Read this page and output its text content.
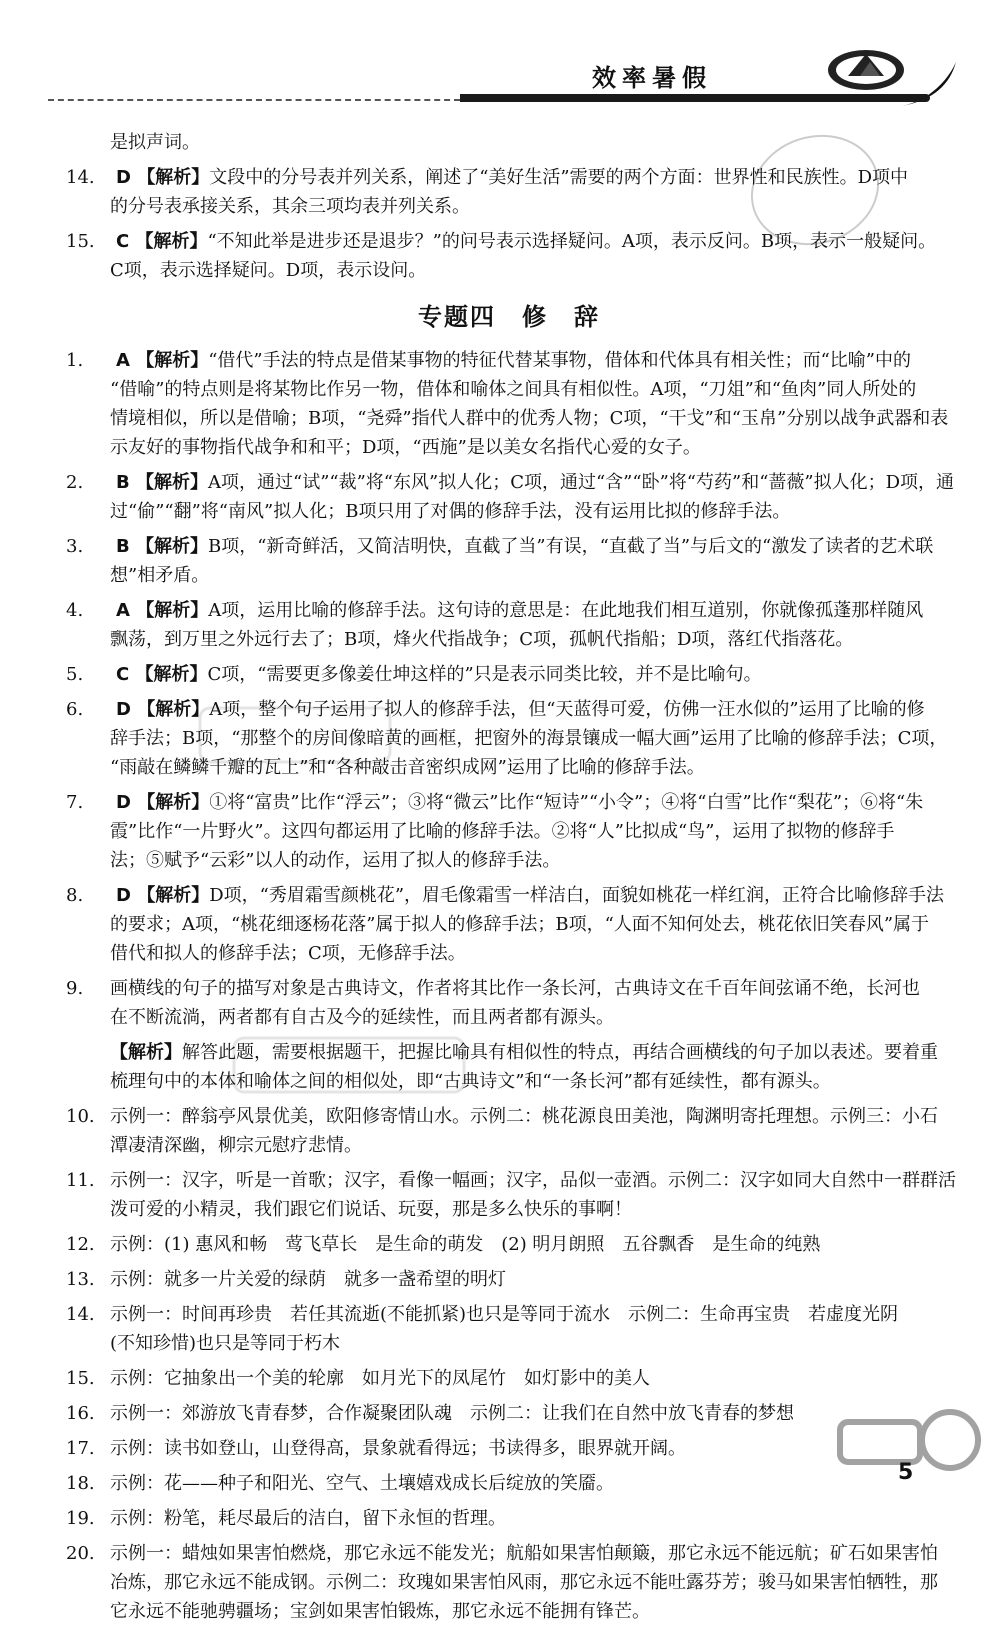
效率暑假
是拟声词。
14. D 【解析】文段中的分号表并列关系，阐述了“美好生活”需要的两个方面：世界性和民族性。D项中
的分号表承接关系，其余三项均表并列关系。
15. C 【解析】“不知此举是进步还是退步？”的问号表示选择疑问。A项，表示反问。B项，表示一般疑问。
C项，表示选择疑问。D项，表示设问。
专题四　修　辞
1. A 【解析】“借代”手法的特点是借某事物的特征代替某事物，借体和代体具有相关性；而“比喻”中的
“借喻”的特点则是将某物比作另一物，借体和喻体之间具有相似性。A项，“刀俎”和“鱼肉”同人所处的
情境相似，所以是借喻；B项，“尧舜”指代人群中的优秀人物；C项，“干戈”和“玉帛”分别以战争武器和表
示友好的事物指代战争和和平；D项，“西施”是以美女名指代心爱的女子。
2. B 【解析】A项，通过“试”“裁”将“东风”拟人化；C项，通过“含”“卧”将“芍药”和“蔷薇”拟人化；D项，通
过“偷”“翻”将“南风”拟人化；B项只用了对偶的修辞手法，没有运用比拟的修辞手法。
3. B 【解析】B项，“新奇鲜活，又简洁明快，直截了当”有误，“直截了当”与后文的“激发了读者的艺术联
想”相矛盾。
4. A 【解析】A项，运用比喻的修辞手法。这句诗的意思是：在此地我们相互道别，你就像孤蓬那样随风
飘荡，到万里之外远行去了；B项，烽火代指战争；C项，孤帆代指船；D项，落红代指落花。
5. C 【解析】C项，“需要更多像姜仕坤这样的”只是表示同类比较，并不是比喻句。
6. D 【解析】A项，整个句子运用了拟人的修辞手法，但“天蓝得可爱，仿佛一汪水似的”运用了比喻的修
辞手法；B项，“那整个的房间像暗黄的画框，把窗外的海景镶成一幅大画”运用了比喻的修辞手法；C项，
“雨敲在鳞鳞千瓣的瓦上”和“各种敲击音密织成网”运用了比喻的修辞手法。
7. D 【解析】①将“富贵”比作“浮云”；③将“微云”比作“短诗”“小令”；④将“白雪”比作“梨花”；⑥将“朱
霞”比作“一片野火”。这四句都运用了比喻的修辞手法。②将“人”比拟成“鸟”，运用了拟物的修辞手
法；⑤赋予“云彩”以人的动作，运用了拟人的修辞手法。
8. D 【解析】D项，“秀眉霜雪颜桃花”，眉毛像霜雪一样洁白，面貌如桃花一样红润，正符合比喻修辞手法
的要求；A项，“桃花细逐杨花落”属于拟人的修辞手法；B项，“人面不知何处去，桃花依旧笑春风”属于
借代和拟人的修辞手法；C项，无修辞手法。
9. 画横线的句子的描写对象是古典诗文，作者将其比作一条长河，古典诗文在千百年间弦诵不绝，长河也
在不断流淌，两者都有自古及今的延续性，而且两者都有源头。
【解析】解答此题，需要根据题干，把握比喻具有相似性的特点，再结合画横线的句子加以表述。要着重
梳理句中的本体和喻体之间的相似处，即“古典诗文”和“一条长河”都有延续性，都有源头。
10. 示例一：醉翁亭风景优美，欧阳修寄情山水。示例二：桃花源良田美池，陶渊明寄托理想。示例三：小石
潭凄清深幽，柳宗元慰疗悲情。
11. 示例一：汉字，听是一首歌；汉字，看像一幅画；汉字，品似一壶酒。示例二：汉字如同大自然中一群群活
泼可爱的小精灵，我们跟它们说话、玩耍，那是多么快乐的事啊！
12. 示例：(1) 惠风和畅　莺飞草长　是生命的萌发　(2) 明月朗照　五谷飘香　是生命的纯熟
13. 示例：就多一片关爱的绿荫　就多一盏希望的明灯
14. 示例一：时间再珍贵　若任其流逝(不能抓紧)也只是等同于流水　示例二：生命再宝贵　若虚度光阴
(不知珍惜)也只是等同于朽木
15. 示例：它抽象出一个美的轮廓　如月光下的凤尾竹　如灯影中的美人
16. 示例一：郊游放飞青春梦，合作凝聚团队魂　示例二：让我们在自然中放飞青春的梦想
17. 示例：读书如登山，山登得高，景象就看得远；书读得多，眼界就开阔。
18. 示例：花——种子和阳光、空气、土壤嬉戏成长后绽放的笑靥。
19. 示例：粉笔，耗尽最后的洁白，留下永恒的哲理。
20. 示例一：蜡烛如果害怕燃烧，那它永远不能发光；航船如果害怕颠簸，那它永远不能远航；矿石如果害怕
冶炼，那它永远不能成钢。示例二：玫瑰如果害怕风雨，那它永远不能吐露芬芳；骏马如果害怕牺牲，那
它永远不能驰骋疆场；宝剑如果害怕锻炼，那它永远不能拥有锋芒。
5
